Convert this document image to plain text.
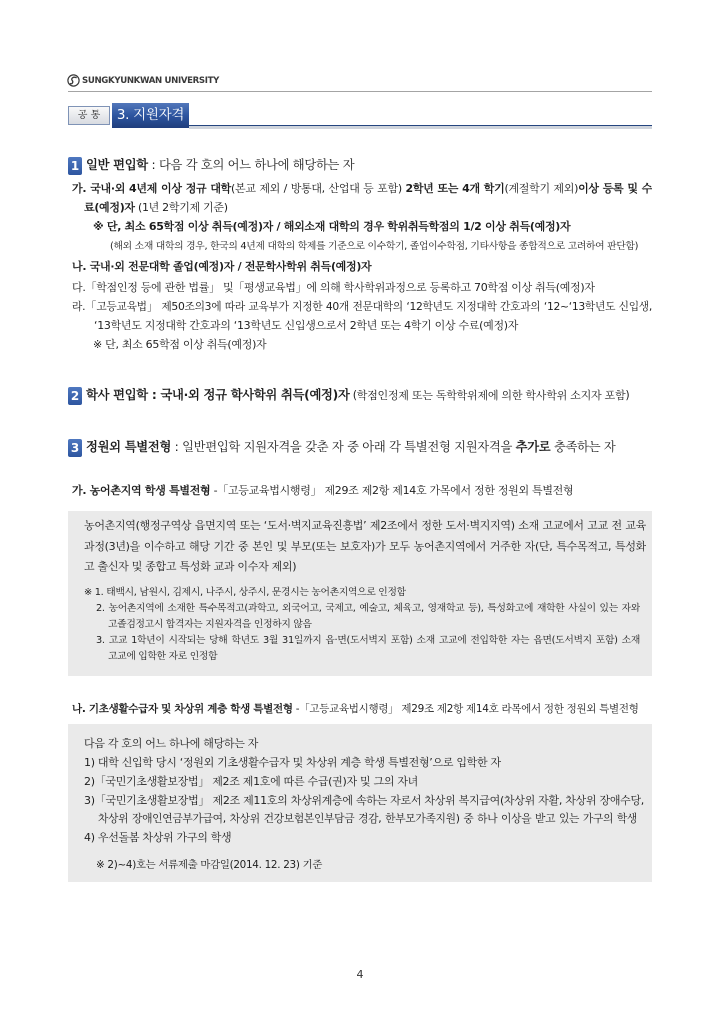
SUNGKYUNKWAN UNIVERSITY
공 통	3. 지원자격
1 일반 편입학 : 다음 각 호의 어느 하나에 해당하는 자
가. 국내·외 4년제 이상 정규 대학(본교 제외 / 방통대, 산업대 등 포함) 2학년 또는 4개 학기(계절학기 제외)이상 등록 및 수
료(예정)자 (1년 2학기제 기준)
※ 단, 최소 65학점 이상 취득(예정)자 / 해외소재 대학의 경우 학위취득학점의 1/2 이상 취득(예정)자
(해외 소재 대학의 경우, 한국의 4년제 대학의 학제를 기준으로 이수학기, 졸업이수학점, 기타사항을 종합적으로 고려하여 판단함)
나. 국내·외 전문대학 졸업(예정)자 / 전문학사학위 취득(예정)자
다.「학점인정 등에 관한 법률」 및「평생교육법」에 의해 학사학위과정으로 등록하고 70학점 이상 취득(예정)자
라.「고등교육법」 제50조의3에 따라 교육부가 지정한 40개 전문대학의 ‘12학년도 지정대학 간호과의 ‘12~‘13학년도 신입생,
‘13학년도 지정대학 간호과의 ‘13학년도 신입생으로서 2학년 또는 4학기 이상 수료(예정)자
※ 단, 최소 65학점 이상 취득(예정)자
2 학사 편입학 : 국내·외 정규 학사학위 취득(예정)자 (학점인정제 또는 독학학위제에 의한 학사학위 소지자 포함)
3 정원외 특별전형 : 일반편입학 지원자격을 갖춘 자 중 아래 각 특별전형 지원자격을 추가로 충족하는 자
가. 농어촌지역 학생 특별전형 -「고등교육법시행령」 제29조 제2항 제14호 가목에서 정한 정원외 특별전형
농어촌지역(행정구역상 읍면지역 또는 ‘도서·벽지교육진흥법’ 제2조에서 정한 도서·벽지지역) 소재 고교에서 고교 전 교육
과정(3년)을 이수하고 해당 기간 중 본인 및 부모(또는 보호자)가 모두 농어촌지역에서 거주한 자(단, 특수목적고, 특성화
고 출신자 및 종합고 특성화 교과 이수자 제외)
※ 1. 태백시, 남원시, 김제시, 나주시, 상주시, 문경시는 농어촌지역으로 인정함
2. 농어촌지역에 소재한 특수목적고(과학고, 외국어고, 국제고, 예술고, 체육고, 영재학교 등), 특성화고에 재학한 사실이 있는 자와
고졸검정고시 합격자는 지원자격을 인정하지 않음
3. 고교 1학년이 시작되는 당해 학년도 3월 31일까지 읍·면(도서벽지 포함) 소재 고교에 전입학한 자는 읍면(도서벽지 포함) 소재
고교에 입학한 자로 인정함
나. 기초생활수급자 및 차상위 계층 학생 특별전형 -「고등교육법시행령」 제29조 제2항 제14호 라목에서 정한 정원외 특별전형
다음 각 호의 어느 하나에 해당하는 자
1) 대학 신입학 당시 ‘정원외 기초생활수급자 및 차상위 계층 학생 특별전형’으로 입학한 자
2)「국민기초생활보장법」 제2조 제1호에 따른 수급(권)자 및 그의 자녀
3)「국민기초생활보장법」 제2조 제11호의 차상위계층에 속하는 자로서 차상위 복지급여(차상위 자활, 차상위 장애수당,
차상위 장애인연금부가급여, 차상위 건강보험본인부담금 경감, 한부모가족지원) 중 하나 이상을 받고 있는 가구의 학생
4) 우선돌봄 차상위 가구의 학생
※ 2)~4)호는 서류제출 마감일(2014. 12. 23) 기준
4
